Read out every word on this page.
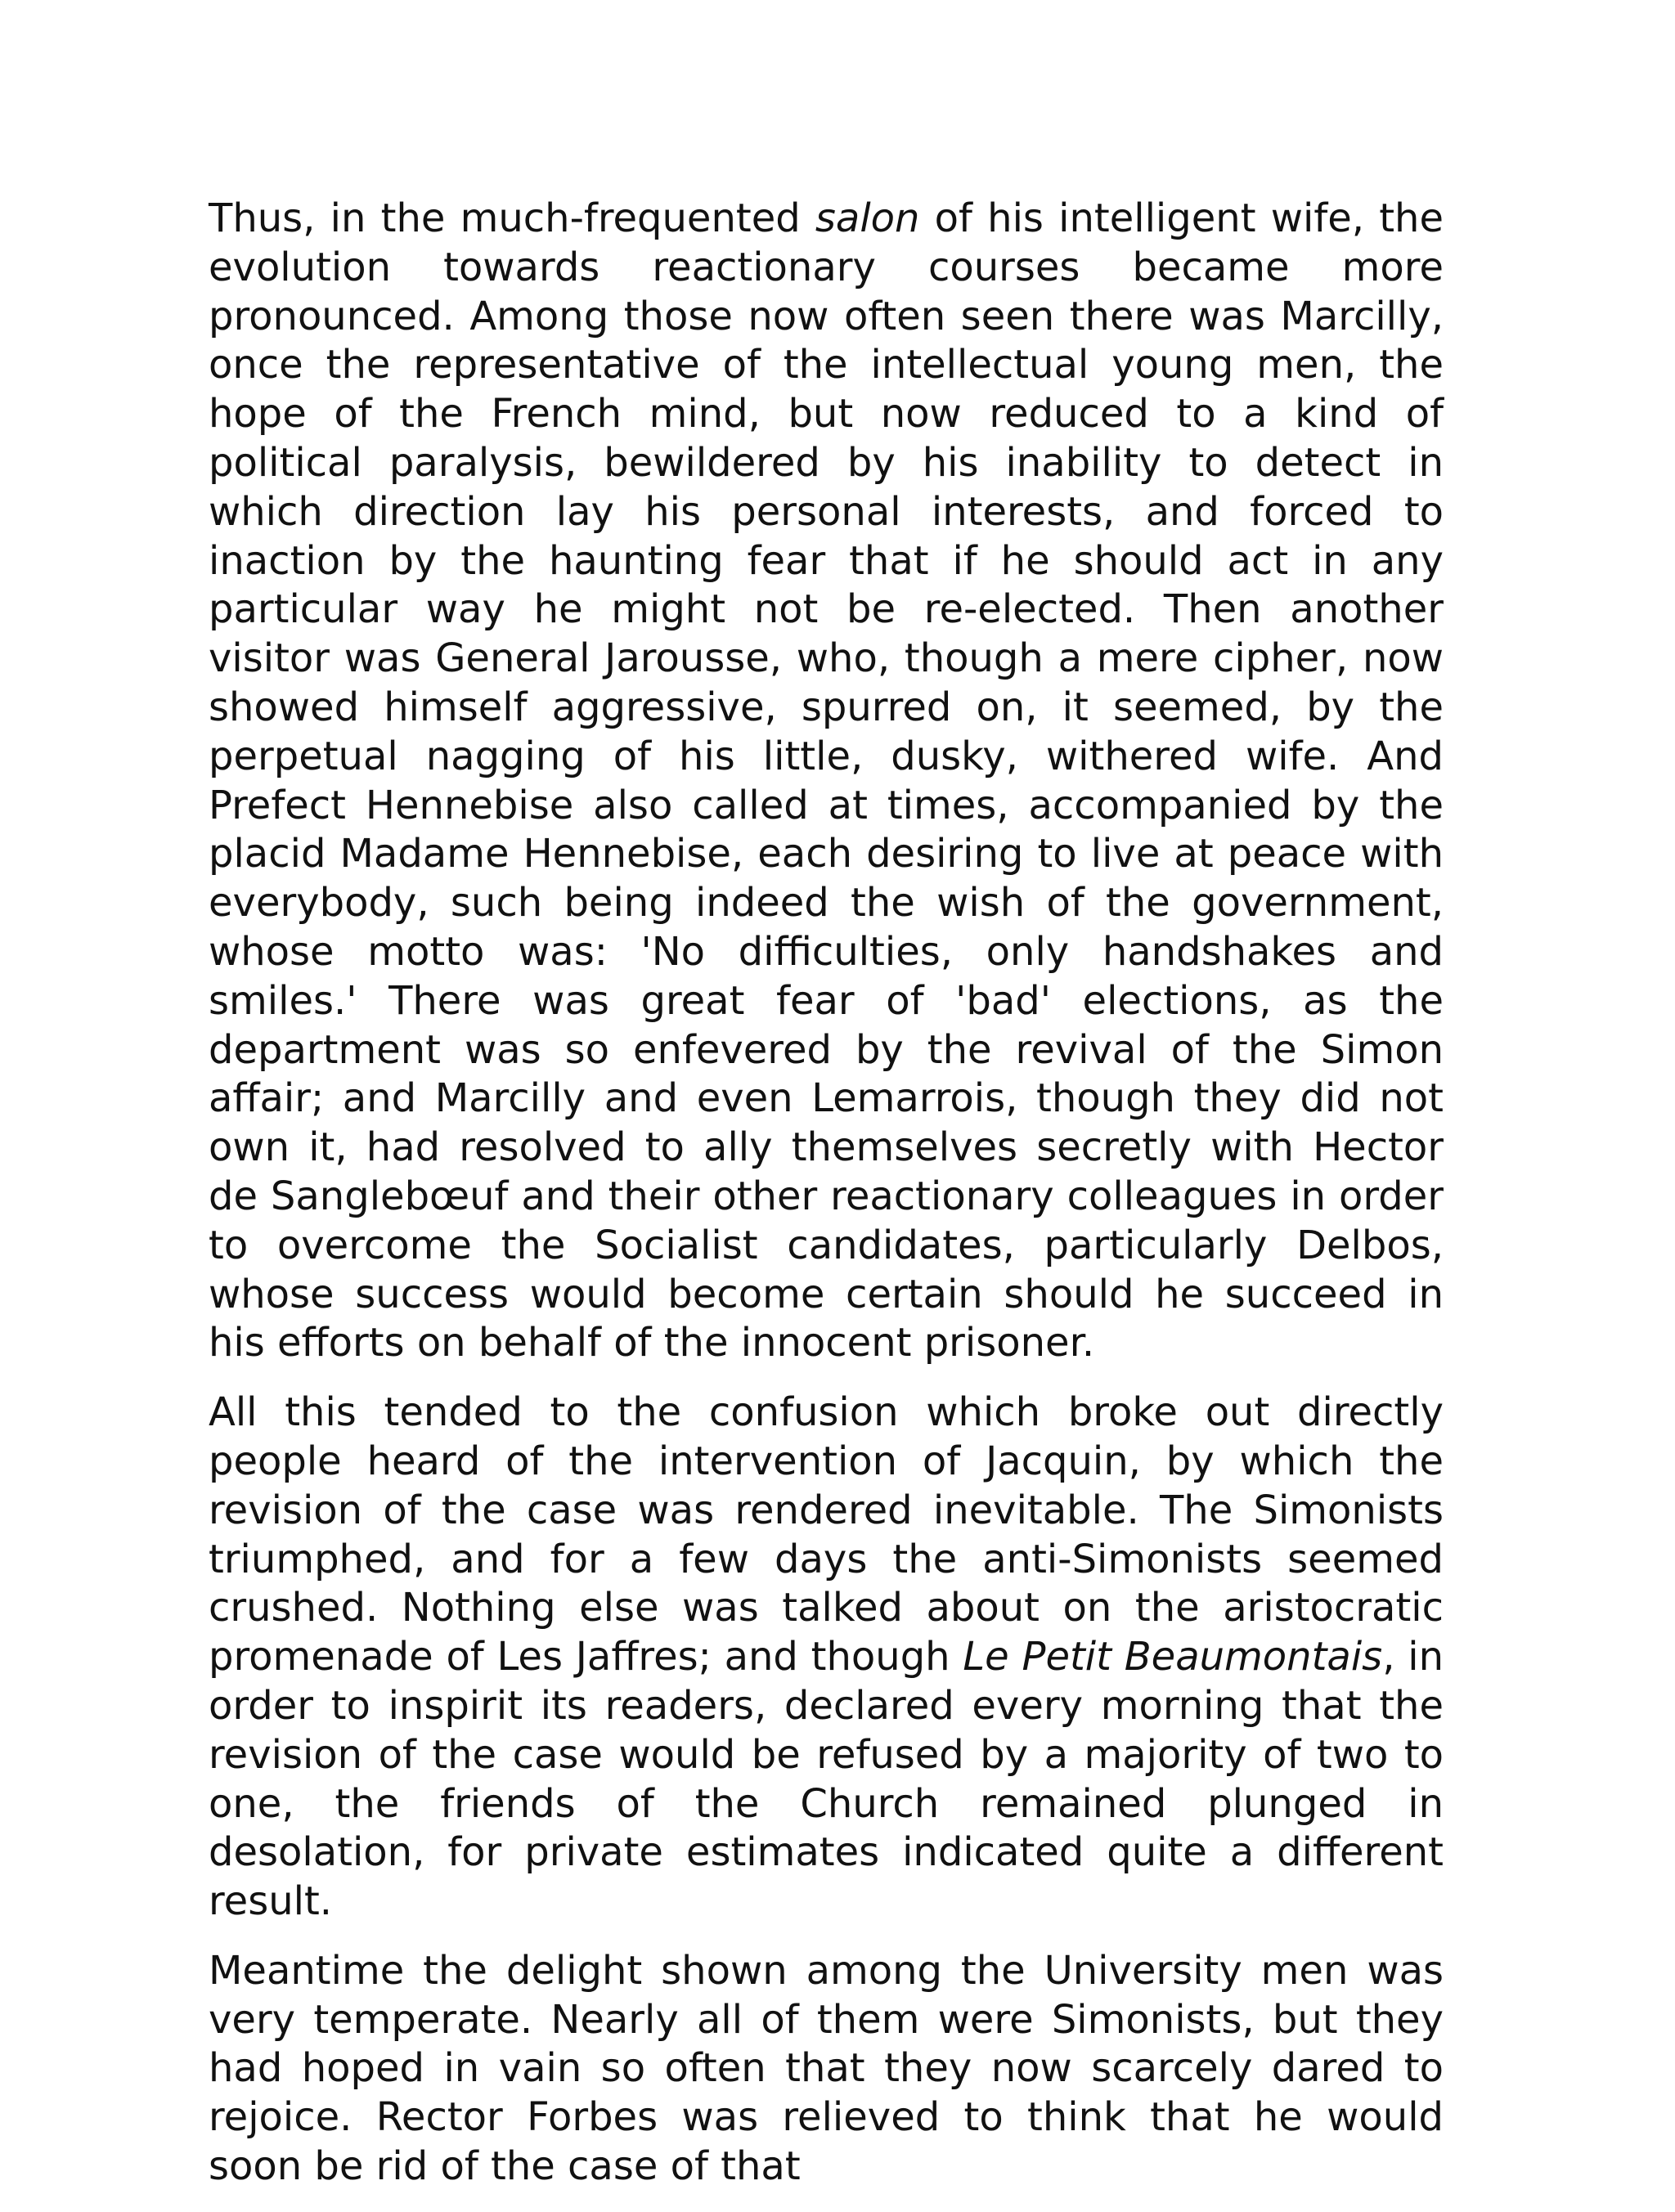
Thus, in the much-frequented salon of his intelligent wife, the evolution towards reactionary courses became more pronounced. Among those now often seen there was Marcilly, once the representative of the intellectual young men, the hope of the French mind, but now reduced to a kind of political paralysis, bewildered by his inability to detect in which direction lay his personal interests, and forced to inaction by the haunting fear that if he should act in any particular way he might not be re-elected. Then another visitor was General Jarousse, who, though a mere cipher, now showed himself aggressive, spurred on, it seemed, by the perpetual nagging of his little, dusky, withered wife. And Prefect Hennebise also called at times, accompanied by the placid Madame Hennebise, each desiring to live at peace with everybody, such being indeed the wish of the government, whose motto was: 'No difficulties, only handshakes and smiles.' There was great fear of 'bad' elections, as the department was so enfevered by the revival of the Simon affair; and Marcilly and even Lemarrois, though they did not own it, had resolved to ally themselves secretly with Hector de Sanglebœuf and their other reactionary colleagues in order to overcome the Socialist candidates, particularly Delbos, whose success would become certain should he succeed in his efforts on behalf of the innocent prisoner.

All this tended to the confusion which broke out directly people heard of the intervention of Jacquin, by which the revision of the case was rendered inevitable. The Simonists triumphed, and for a few days the anti-Simonists seemed crushed. Nothing else was talked about on the aristocratic promenade of Les Jaffres; and though Le Petit Beaumontais, in order to inspirit its readers, declared every morning that the revision of the case would be refused by a majority of two to one, the friends of the Church remained plunged in desolation, for private estimates indicated quite a different result.

Meantime the delight shown among the University men was very temperate. Nearly all of them were Simonists, but they had hoped in vain so often that they now scarcely dared to rejoice. Rector Forbes was relieved to think that he would soon be rid of the case of that
